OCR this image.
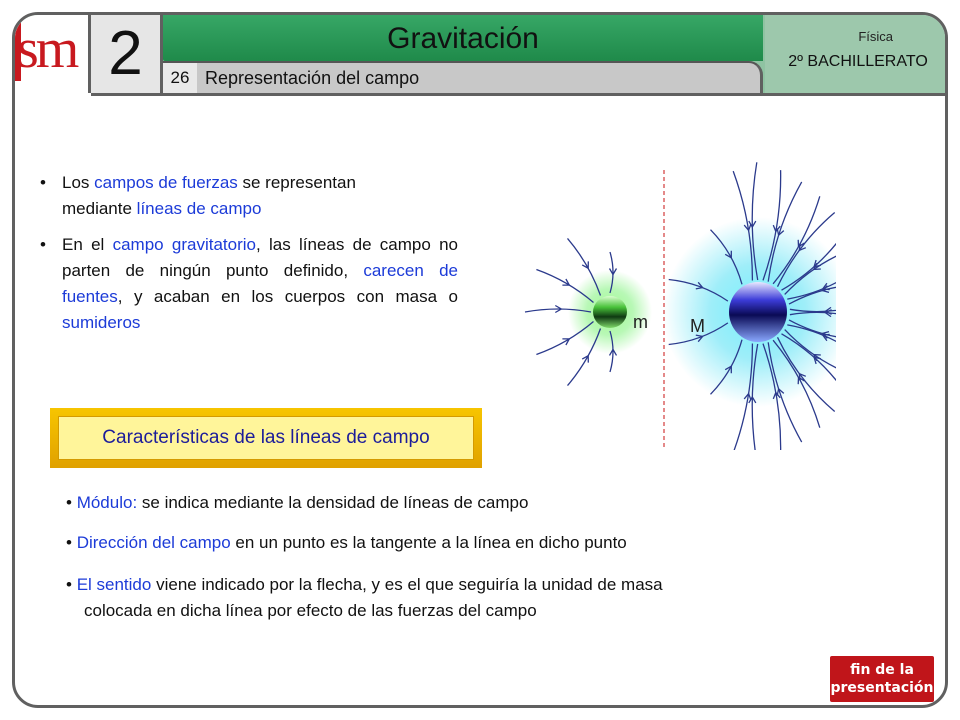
sm 2	Gravitación
26 Representación del campo
Física
2º BACHILLERATO
• Los campos de fuerzas se representan
mediante líneas de campo
• En el campo gravitatorio, las líneas de campo no parten de ningún punto definido, carecen de fuentes, y acaban en los cuerpos con masa o sumideros	m M
Características de las líneas de campo
• Módulo: se indica mediante la densidad de líneas de campo
• Dirección del campo en un punto es la tangente a la línea en dicho punto
• El sentido viene indicado por la flecha, y es el que seguiría la unidad de masa
colocada en dicha línea por efecto de las fuerzas del campo
fin de la
presentación
